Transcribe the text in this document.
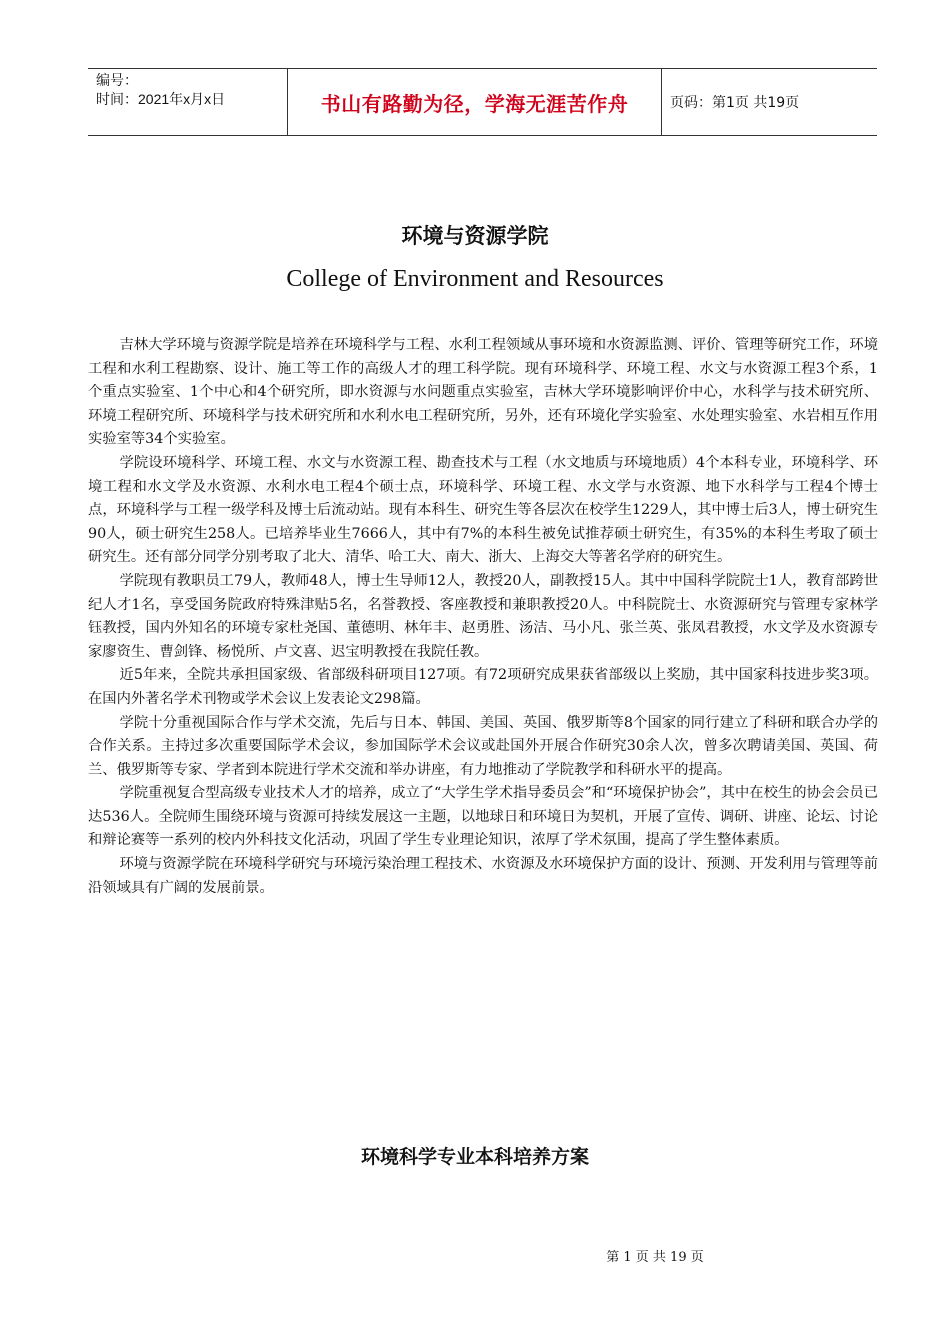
编号：
时间：2021年x月x日	书山有路勤为径，学海无涯苦作舟	页码：第1页 共19页
环境与资源学院
College of Environment and Resources

吉林大学环境与资源学院是培养在环境科学与工程、水利工程领域从事环境和水资源监测、评价、管理等研究工作，环境工程和水利工程勘察、设计、施工等工作的高级人才的理工科学院。现有环境科学、环境工程、水文与水资源工程3个系，1个重点实验室、1个中心和4个研究所，即水资源与水问题重点实验室，吉林大学环境影响评价中心，水科学与技术研究所、环境工程研究所、环境科学与技术研究所和水利水电工程研究所，另外，还有环境化学实验室、水处理实验室、水岩相互作用实验室等34个实验室。

学院设环境科学、环境工程、水文与水资源工程、勘查技术与工程（水文地质与环境地质）4个本科专业，环境科学、环境工程和水文学及水资源、水利水电工程4个硕士点，环境科学、环境工程、水文学与水资源、地下水科学与工程4个博士点，环境科学与工程一级学科及博士后流动站。现有本科生、研究生等各层次在校学生1229人，其中博士后3人，博士研究生90人，硕士研究生258人。已培养毕业生7666人，其中有7%的本科生被免试推荐硕士研究生，有35%的本科生考取了硕士研究生。还有部分同学分别考取了北大、清华、哈工大、南大、浙大、上海交大等著名学府的研究生。

学院现有教职员工79人，教师48人，博士生导师12人，教授20人，副教授15人。其中中国科学院院士1人，教育部跨世纪人才1名，享受国务院政府特殊津贴5名，名誉教授、客座教授和兼职教授20人。中科院院士、水资源研究与管理专家林学钰教授，国内外知名的环境专家杜尧国、董德明、林年丰、赵勇胜、汤洁、马小凡、张兰英、张凤君教授，水文学及水资源专家廖资生、曹剑锋、杨悦所、卢文喜、迟宝明教授在我院任教。

近5年来，全院共承担国家级、省部级科研项目127项。有72项研究成果获省部级以上奖励，其中国家科技进步奖3项。在国内外著名学术刊物或学术会议上发表论文298篇。

学院十分重视国际合作与学术交流，先后与日本、韩国、美国、英国、俄罗斯等8个国家的同行建立了科研和联合办学的合作关系。主持过多次重要国际学术会议，参加国际学术会议或赴国外开展合作研究30余人次，曾多次聘请美国、英国、荷兰、俄罗斯等专家、学者到本院进行学术交流和举办讲座，有力地推动了学院教学和科研水平的提高。

学院重视复合型高级专业技术人才的培养，成立了“大学生学术指导委员会”和“环境保护协会”，其中在校生的协会会员已达536人。全院师生围绕环境与资源可持续发展这一主题，以地球日和环境日为契机，开展了宣传、调研、讲座、论坛、讨论和辩论赛等一系列的校内外科技文化活动，巩固了学生专业理论知识，浓厚了学术氛围，提高了学生整体素质。

环境与资源学院在环境科学研究与环境污染治理工程技术、水资源及水环境保护方面的设计、预测、开发利用与管理等前沿领域具有广阔的发展前景。

环境科学专业本科培养方案
第 1 页 共 19 页
